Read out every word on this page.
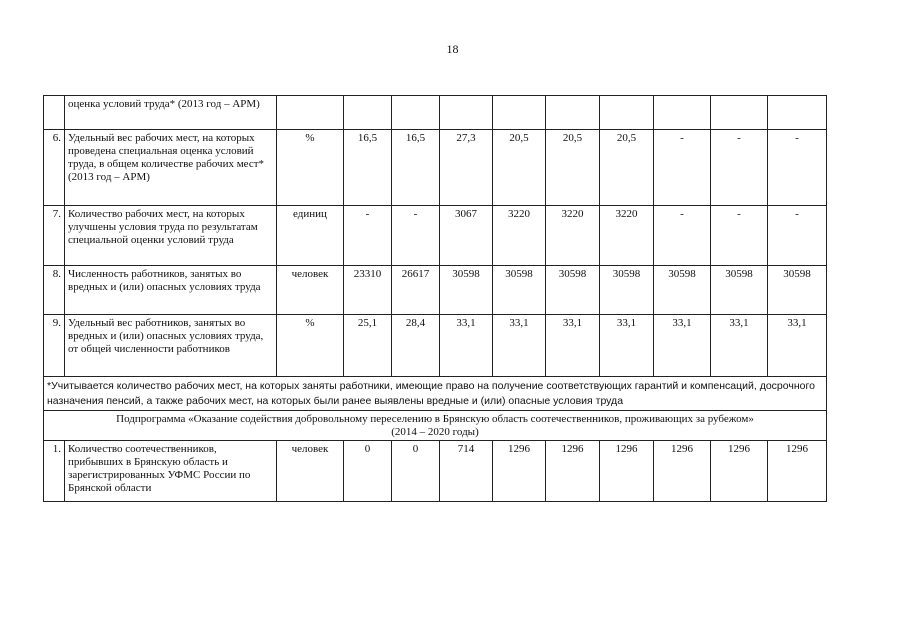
18
	оценка условий труда* (2013 год – АРМ)										
6.	Удельный вес рабочих мест, на которых проведена специальная оценка условий труда, в общем количестве рабочих мест* (2013 год – АРМ)	%	16,5	16,5	27,3	20,5	20,5	20,5	-	-	-
7.	Количество рабочих мест, на которых улучшены условия труда по результатам специальной оценки условий труда	единиц	-	-	3067	3220	3220	3220	-	-	-
8.	Численность работников, занятых во вредных и (или) опасных условиях труда	человек	23310	26617	30598	30598	30598	30598	30598	30598	30598
9.	Удельный вес работников, занятых во вредных и (или) опасных условиях труда, от общей численности работников	%	25,1	28,4	33,1	33,1	33,1	33,1	33,1	33,1	33,1
*Учитывается количество рабочих мест, на которых заняты работники, имеющие право на получение соответствующих гарантий и компенсаций, досрочного назначения пенсий, а также рабочих мест, на которых были ранее выявлены вредные и (или) опасные условия труда											

Подпрограмма «Оказание содействия добровольному переселению в Брянскую область соотечественников, проживающих за рубежом»
(2014 – 2020 годы)											

1.	Количество соотечественников, прибывших в Брянскую область и зарегистрированных УФМС России по Брянской области	человек	0	0	714	1296	1296	1296	1296	1296	1296
